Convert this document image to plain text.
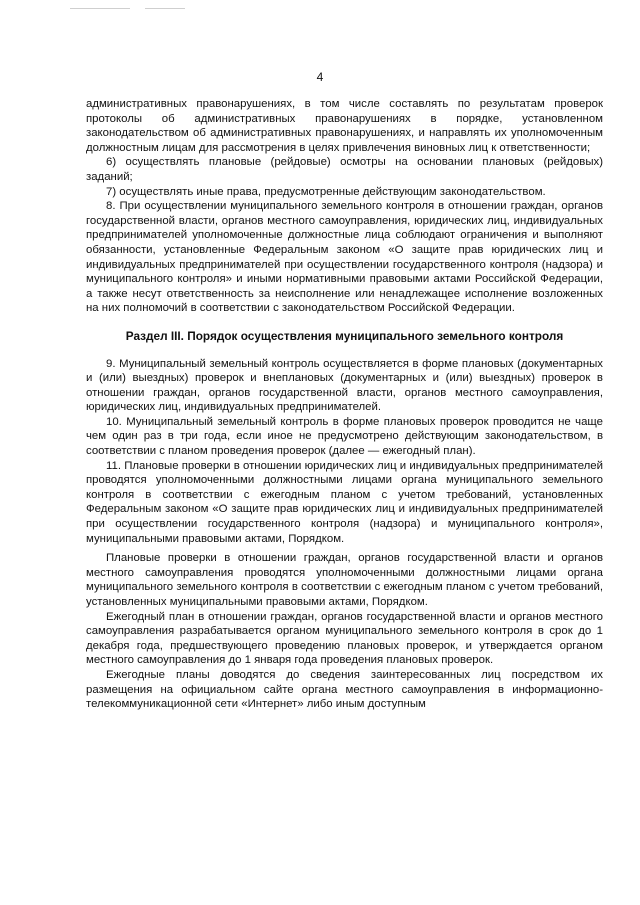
4

административных правонарушениях, в том числе составлять по результатам проверок протоколы об административных правонарушениях в порядке, установленном законодательством об административных правонарушениях, и направлять их уполномоченным должностным лицам для рассмотрения в целях привлечения виновных лиц к ответственности;

6) осуществлять плановые (рейдовые) осмотры на основании плановых (рейдовых) заданий;

7) осуществлять иные права, предусмотренные действующим законодательством.

8. При осуществлении муниципального земельного контроля в отношении граждан, органов государственной власти, органов местного самоуправления, юридических лиц, индивидуальных предпринимателей уполномоченные должностные лица соблюдают ограничения и выполняют обязанности, установленные Федеральным законом «О защите прав юридических лиц и индивидуальных предпринимателей при осуществлении государственного контроля (надзора) и муниципального контроля» и иными нормативными правовыми актами Российской Федерации, а также несут ответственность за неисполнение или ненадлежащее исполнение возложенных на них полномочий в соответствии с законодательством Российской Федерации.

Раздел III. Порядок осуществления муниципального земельного контроля

9. Муниципальный земельный контроль осуществляется в форме плановых (документарных и (или) выездных) проверок и внеплановых (документарных и (или) выездных) проверок в отношении граждан, органов государственной власти, органов местного самоуправления, юридических лиц, индивидуальных предпринимателей.

10. Муниципальный земельный контроль в форме плановых проверок проводится не чаще чем один раз в три года, если иное не предусмотрено действующим законодательством, в соответствии с планом проведения проверок (далее — ежегодный план).

11. Плановые проверки в отношении юридических лиц и индивидуальных предпринимателей проводятся уполномоченными должностными лицами органа муниципального земельного контроля в соответствии с ежегодным планом с учетом требований, установленных Федеральным законом «О защите прав юридических лиц и индивидуальных предпринимателей при осуществлении государственного контроля (надзора) и муниципального контроля», муниципальными правовыми актами, Порядком.

Плановые проверки в отношении граждан, органов государственной власти и органов местного самоуправления проводятся уполномоченными должностными лицами органа муниципального земельного контроля в соответствии с ежегодным планом с учетом требований, установленных муниципальными правовыми актами, Порядком.

Ежегодный план в отношении граждан, органов государственной власти и органов местного самоуправления разрабатывается органом муниципального земельного контроля в срок до 1 декабря года, предшествующего проведению плановых проверок, и утверждается органом местного самоуправления до 1 января года проведения плановых проверок.

Ежегодные планы доводятся до сведения заинтересованных лиц посредством их размещения на официальном сайте органа местного самоуправления в информационно-телекоммуникационной сети «Интернет» либо иным доступным
